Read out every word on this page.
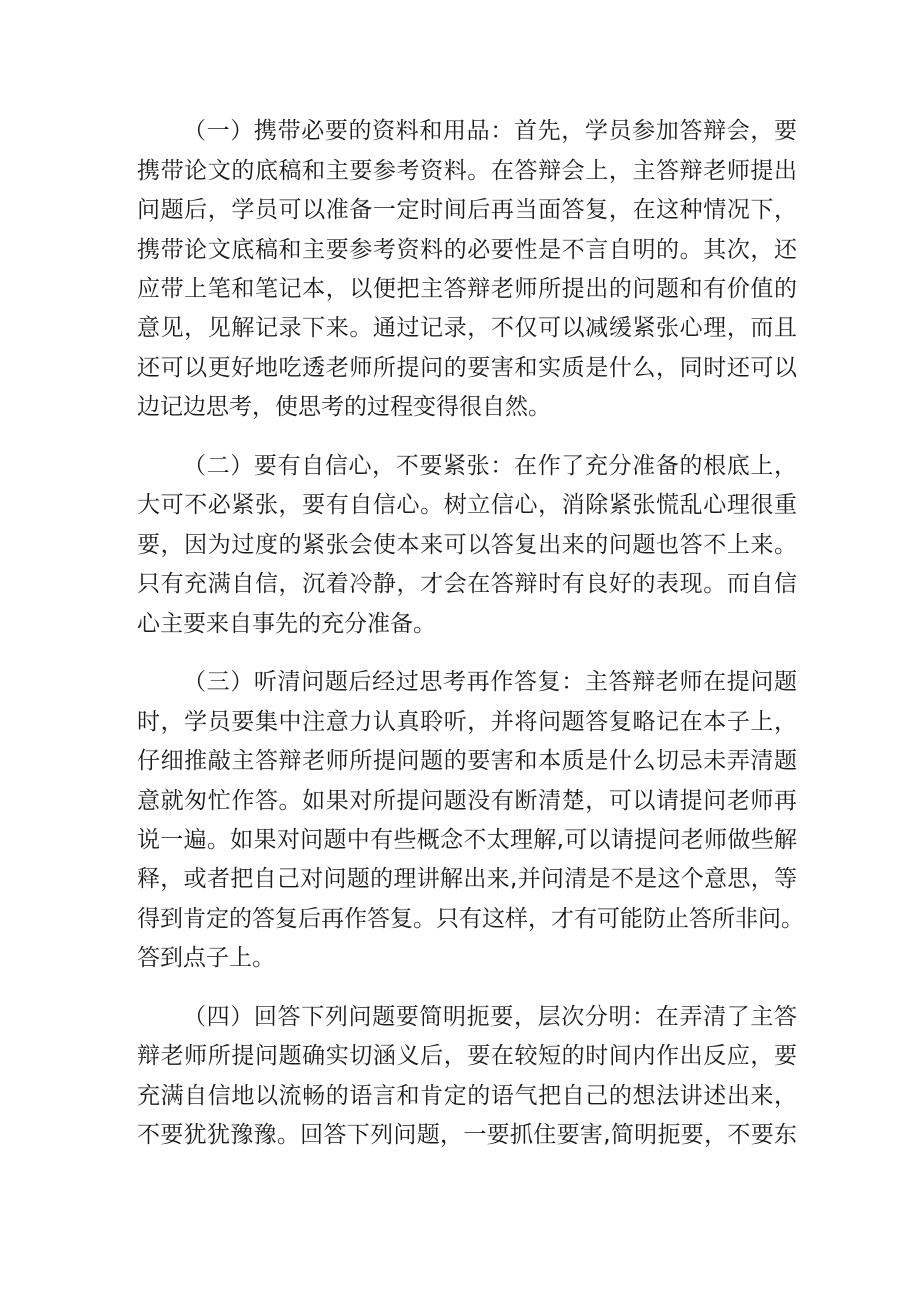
（一）携带必要的资料和用品：首先，学员参加答辩会，要
携带论文的底稿和主要参考资料。在答辩会上，主答辩老师提出
问题后，学员可以准备一定时间后再当面答复，在这种情况下，
携带论文底稿和主要参考资料的必要性是不言自明的。其次，还
应带上笔和笔记本，以便把主答辩老师所提出的问题和有价值的
意见，见解记录下来。通过记录，不仅可以减缓紧张心理，而且
还可以更好地吃透老师所提问的要害和实质是什么，同时还可以
边记边思考，使思考的过程变得很自然。
（二）要有自信心，不要紧张：在作了充分准备的根底上，
大可不必紧张，要有自信心。树立信心，消除紧张慌乱心理很重
要，因为过度的紧张会使本来可以答复出来的问题也答不上来。
只有充满自信，沉着冷静，才会在答辩时有良好的表现。而自信
心主要来自事先的充分准备。
（三）听清问题后经过思考再作答复：主答辩老师在提问题
时，学员要集中注意力认真聆听，并将问题答复略记在本子上，
仔细推敲主答辩老师所提问题的要害和本质是什么切忌未弄清题
意就匆忙作答。如果对所提问题没有断清楚，可以请提问老师再
说一遍。如果对问题中有些概念不太理解,可以请提问老师做些解
释，或者把自己对问题的理讲解出来,并问清是不是这个意思，等
得到肯定的答复后再作答复。只有这样，才有可能防止答所非问。
答到点子上。
（四）回答下列问题要简明扼要，层次分明：在弄清了主答
辩老师所提问题确实切涵义后，要在较短的时间内作出反应，要
充满自信地以流畅的语言和肯定的语气把自己的想法讲述出来，
不要犹犹豫豫。回答下列问题，一要抓住要害,简明扼要，不要东
